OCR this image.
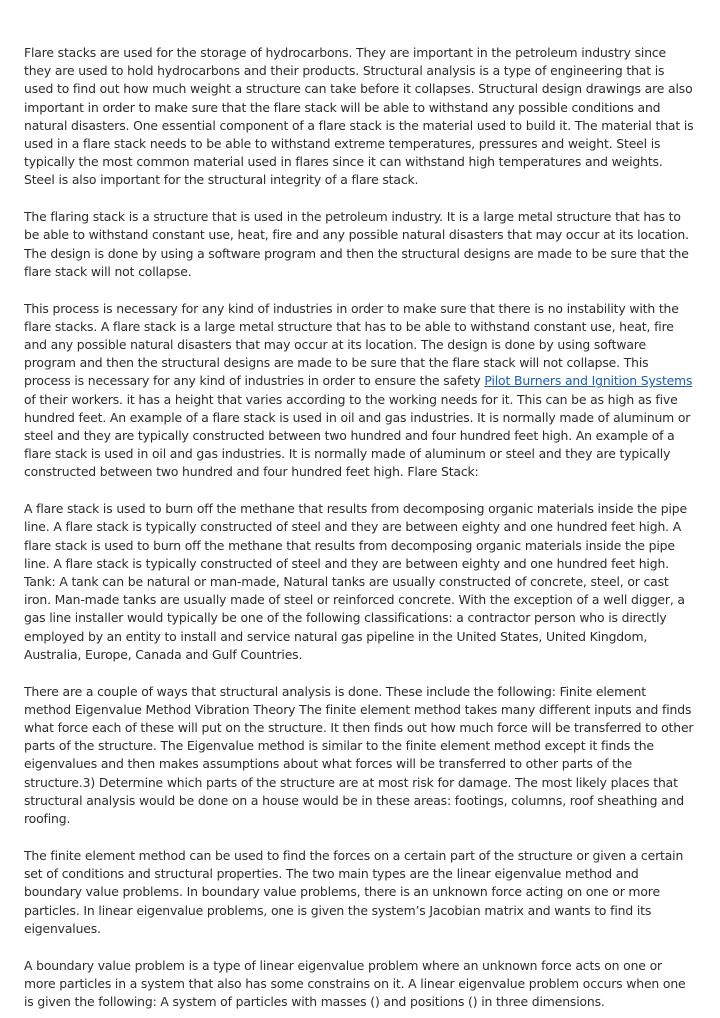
Flare stacks are used for the storage of hydrocarbons. They are important in the petroleum industry since they are used to hold hydrocarbons and their products. Structural analysis is a type of engineering that is used to find out how much weight a structure can take before it collapses. Structural design drawings are also important in order to make sure that the flare stack will be able to withstand any possible conditions and natural disasters. One essential component of a flare stack is the material used to build it. The material that is used in a flare stack needs to be able to withstand extreme temperatures, pressures and weight. Steel is typically the most common material used in flares since it can withstand high temperatures and weights. Steel is also important for the structural integrity of a flare stack.

The flaring stack is a structure that is used in the petroleum industry. It is a large metal structure that has to be able to withstand constant use, heat, fire and any possible natural disasters that may occur at its location. The design is done by using a software program and then the structural designs are made to be sure that the flare stack will not collapse.

This process is necessary for any kind of industries in order to make sure that there is no instability with the flare stacks. A flare stack is a large metal structure that has to be able to withstand constant use, heat, fire and any possible natural disasters that may occur at its location. The design is done by using software program and then the structural designs are made to be sure that the flare stack will not collapse. This process is necessary for any kind of industries in order to ensure the safety Pilot Burners and Ignition Systems of their workers. it has a height that varies according to the working needs for it. This can be as high as five hundred feet. An example of a flare stack is used in oil and gas industries. It is normally made of aluminum or steel and they are typically constructed between two hundred and four hundred feet high. An example of a flare stack is used in oil and gas industries. It is normally made of aluminum or steel and they are typically constructed between two hundred and four hundred feet high. Flare Stack:

A flare stack is used to burn off the methane that results from decomposing organic materials inside the pipe line. A flare stack is typically constructed of steel and they are between eighty and one hundred feet high. A flare stack is used to burn off the methane that results from decomposing organic materials inside the pipe line. A flare stack is typically constructed of steel and they are between eighty and one hundred feet high. Tank: A tank can be natural or man-made, Natural tanks are usually constructed of concrete, steel, or cast iron. Man-made tanks are usually made of steel or reinforced concrete. With the exception of a well digger, a gas line installer would typically be one of the following classifications: a contractor person who is directly employed by an entity to install and service natural gas pipeline in the United States, United Kingdom, Australia, Europe, Canada and Gulf Countries.

There are a couple of ways that structural analysis is done. These include the following: Finite element method Eigenvalue Method Vibration Theory The finite element method takes many different inputs and finds what force each of these will put on the structure. It then finds out how much force will be transferred to other parts of the structure. The Eigenvalue method is similar to the finite element method except it finds the eigenvalues and then makes assumptions about what forces will be transferred to other parts of the structure.3) Determine which parts of the structure are at most risk for damage. The most likely places that structural analysis would be done on a house would be in these areas: footings, columns, roof sheathing and roofing.

The finite element method can be used to find the forces on a certain part of the structure or given a certain set of conditions and structural properties. The two main types are the linear eigenvalue method and boundary value problems. In boundary value problems, there is an unknown force acting on one or more particles. In linear eigenvalue problems, one is given the system’s Jacobian matrix and wants to find its eigenvalues.

A boundary value problem is a type of linear eigenvalue problem where an unknown force acts on one or more particles in a system that also has some constrains on it. A linear eigenvalue problem occurs when one is given the following: A system of particles with masses () and positions () in three dimensions.
